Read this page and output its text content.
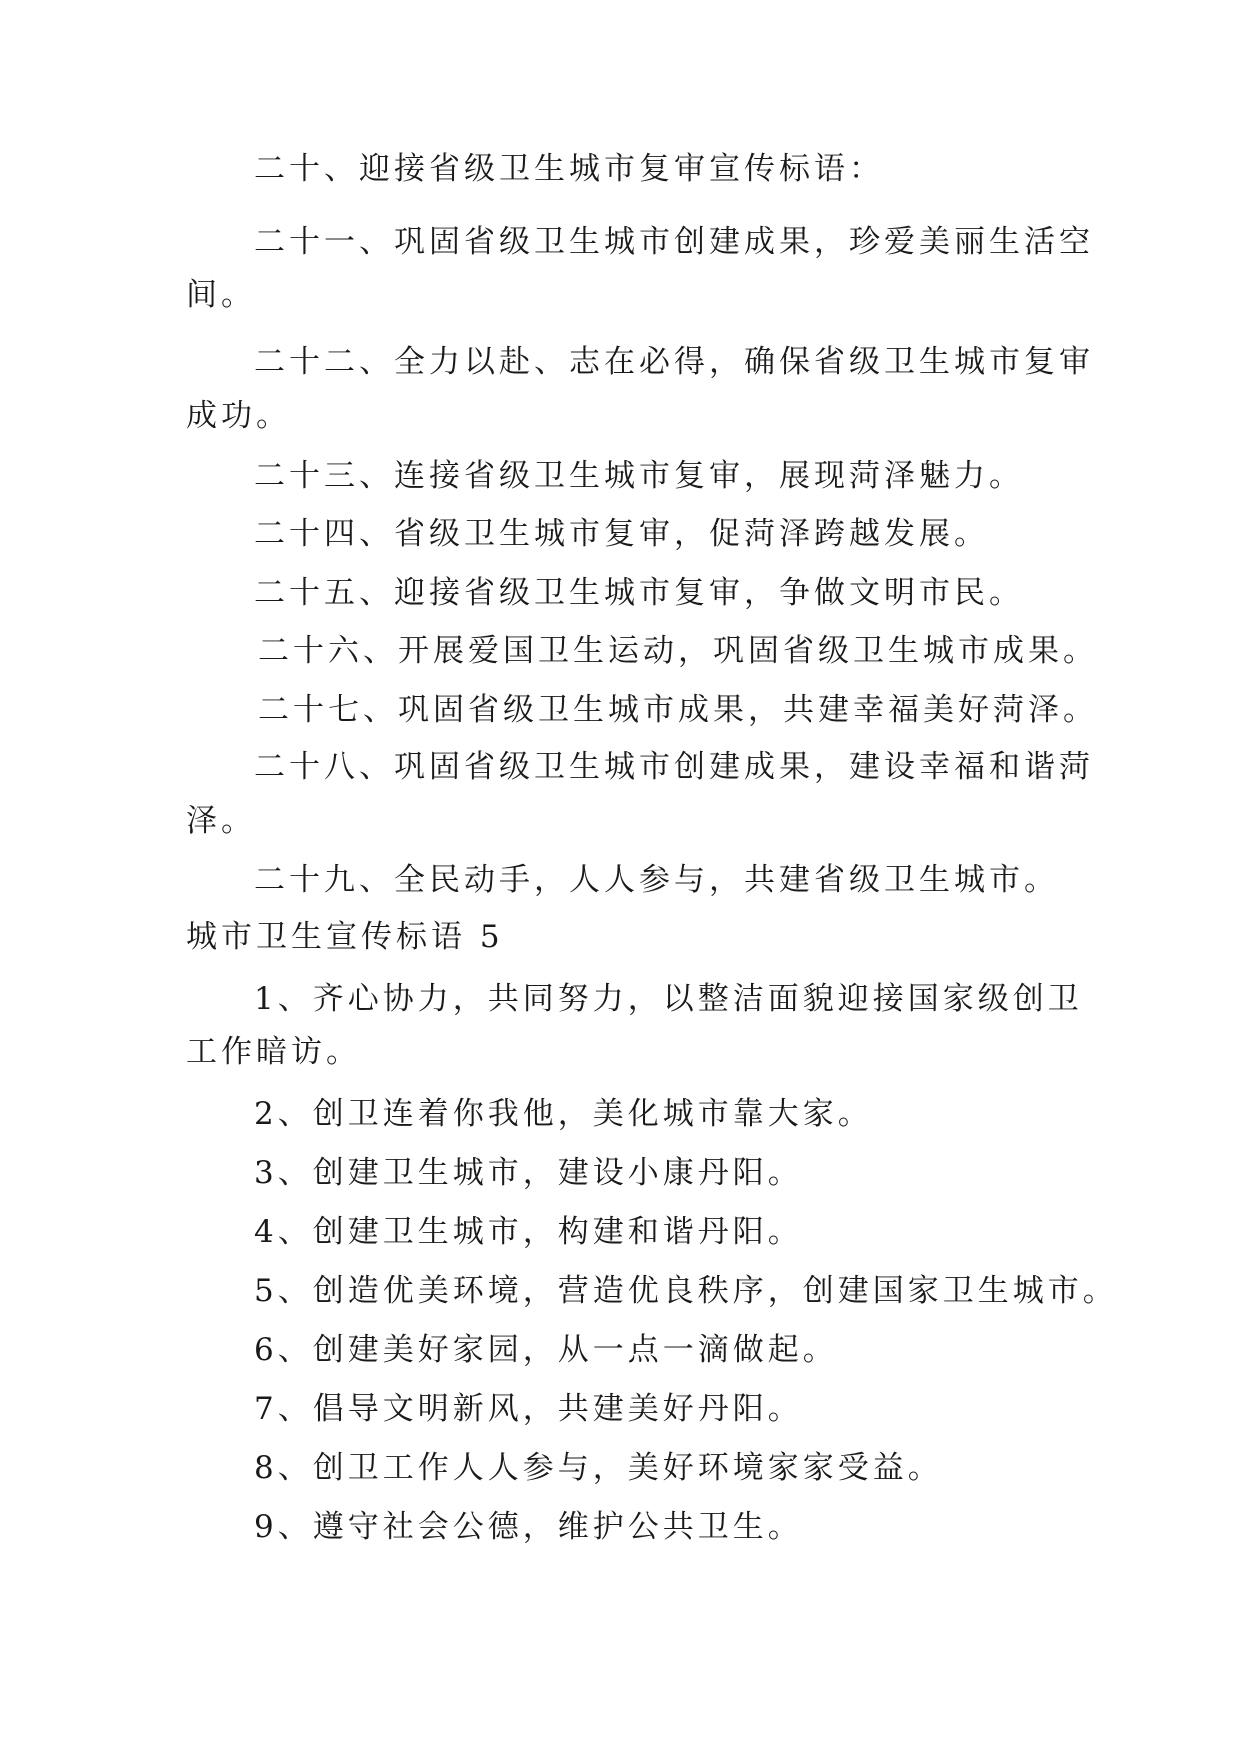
二十、迎接省级卫生城市复审宣传标语：

二十一、巩固省级卫生城市创建成果，珍爱美丽生活空

间。

二十二、全力以赴、志在必得，确保省级卫生城市复审

成功。

二十三、连接省级卫生城市复审，展现菏泽魅力。

二十四、省级卫生城市复审，促菏泽跨越发展。

二十五、迎接省级卫生城市复审，争做文明市民。

二十六、开展爱国卫生运动，巩固省级卫生城市成果。

二十七、巩固省级卫生城市成果，共建幸福美好菏泽。

二十八、巩固省级卫生城市创建成果，建设幸福和谐菏

泽。

二十九、全民动手，人人参与，共建省级卫生城市。

城市卫生宣传标语 5

1、齐心协力，共同努力，以整洁面貌迎接国家级创卫

工作暗访。

2、创卫连着你我他，美化城市靠大家。

3、创建卫生城市，建设小康丹阳。

4、创建卫生城市，构建和谐丹阳。

5、创造优美环境，营造优良秩序，创建国家卫生城市。

6、创建美好家园，从一点一滴做起。

7、倡导文明新风，共建美好丹阳。

8、创卫工作人人参与，美好环境家家受益。

9、遵守社会公德，维护公共卫生。
